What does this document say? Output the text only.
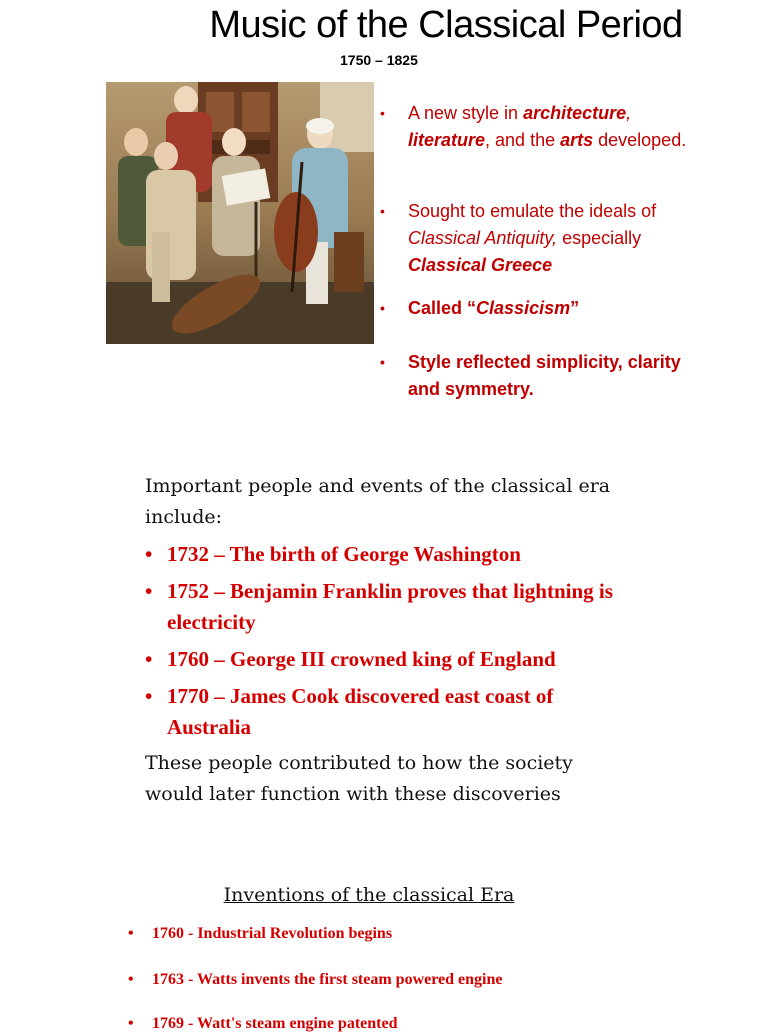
Music of the Classical Period
1750 – 1825
• A new style in architecture, literature, and the arts developed.
• Sought to emulate the ideals of Classical Antiquity, especially Classical Greece
• Called “Classicism”
• Style reflected simplicity, clarity and symmetry.
Important people and events of the classical era include:
• 1732 – The birth of George Washington
• 1752 – Benjamin Franklin proves that lightning is electricity
• 1760 – George III crowned king of England
• 1770 – James Cook discovered east coast of Australia
These people contributed to how the society would later function with these discoveries
Inventions of the classical Era
• 1760 - Industrial Revolution begins
• 1763 - Watts invents the first steam powered engine
• 1769 - Watt's steam engine patented
